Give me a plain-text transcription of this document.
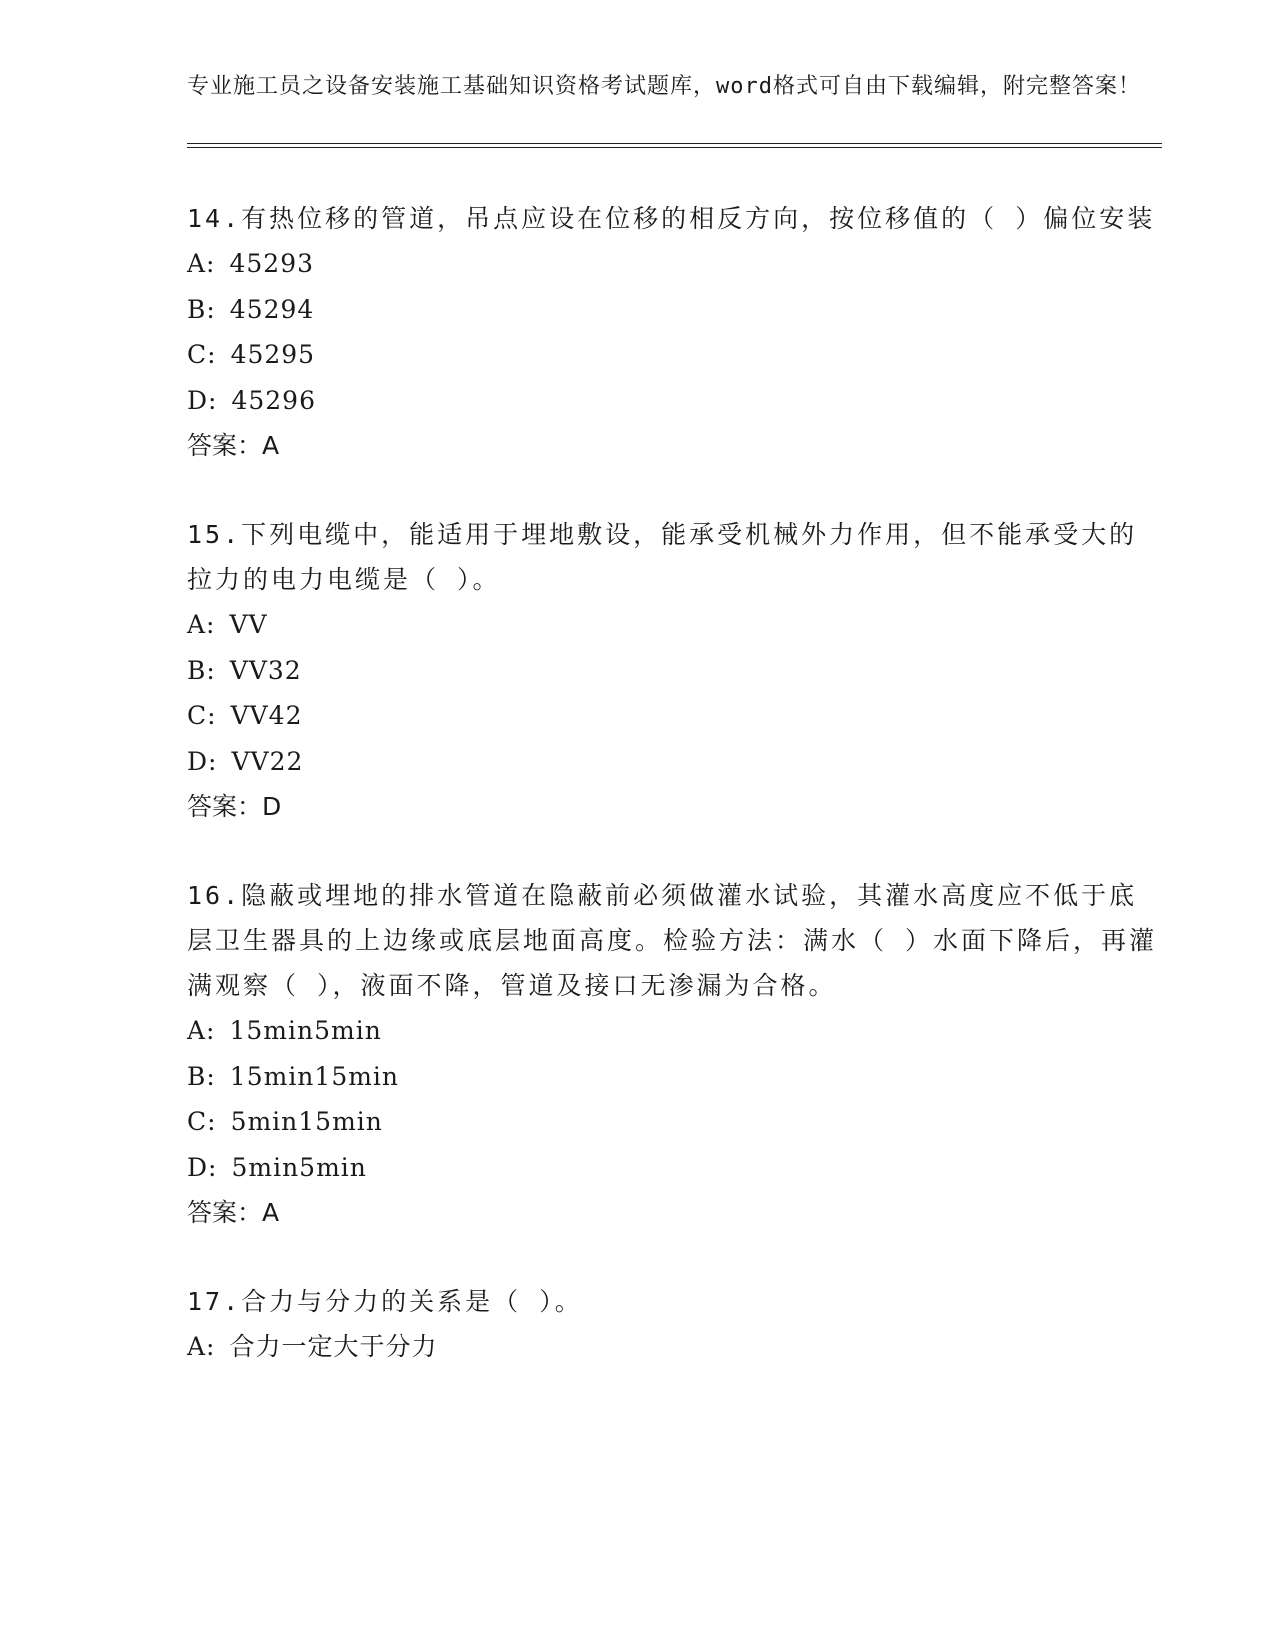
专业施工员之设备安装施工基础知识资格考试题库，word格式可自由下载编辑，附完整答案！

14.有热位移的管道，吊点应设在位移的相反方向，按位移值的（ ）偏位安装

A: 45293

B: 45294

C: 45295

D: 45296

答案：A

15.下列电缆中，能适用于埋地敷设，能承受机械外力作用，但不能承受大的拉力的电力电缆是（ ）。

A: VV

B: VV32

C: VV42

D: VV22

答案：D

16.隐蔽或埋地的排水管道在隐蔽前必须做灌水试验，其灌水高度应不低于底层卫生器具的上边缘或底层地面高度。检验方法：满水（ ）水面下降后，再灌满观察（ ），液面不降，管道及接口无渗漏为合格。

A: 15min5min

B: 15min15min

C: 5min15min

D: 5min5min

答案：A

17.合力与分力的关系是（ ）。

A: 合力一定大于分力
